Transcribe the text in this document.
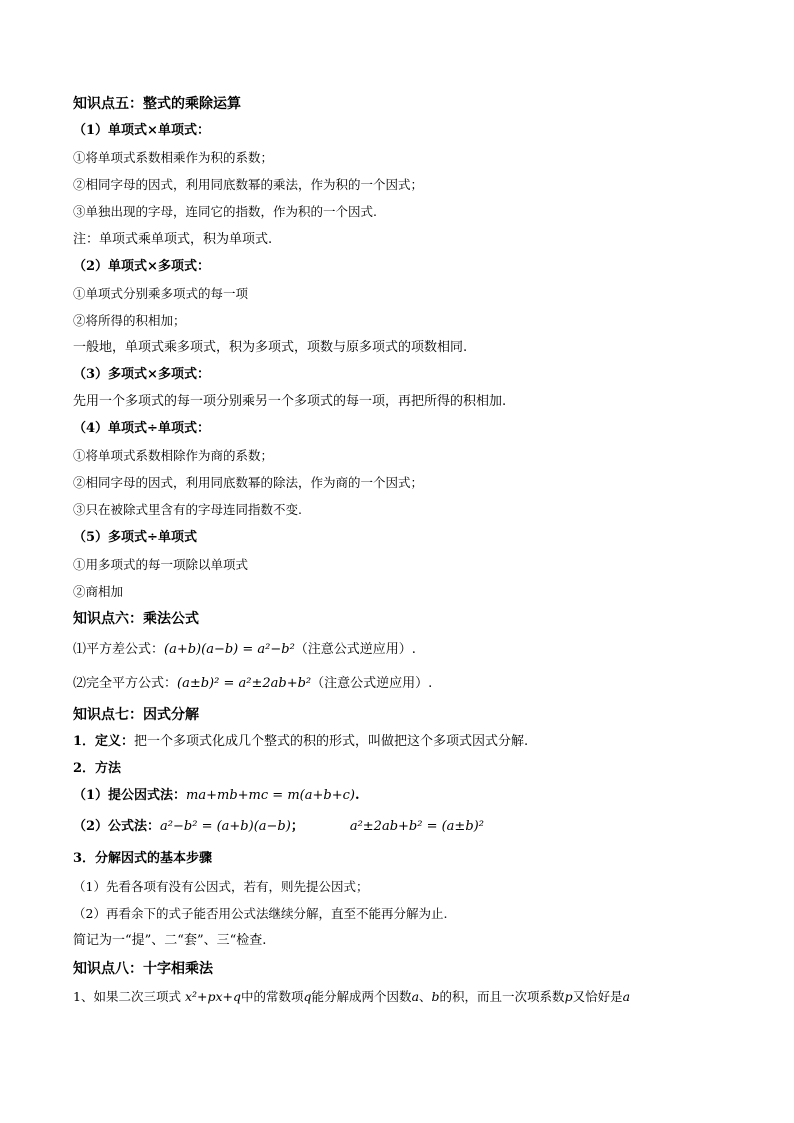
知识点五：整式的乘除运算
（1）单项式×单项式：
①将单项式系数相乘作为积的系数；
②相同字母的因式，利用同底数幂的乘法，作为积的一个因式；
③单独出现的字母，连同它的指数，作为积的一个因式.
注：单项式乘单项式，积为单项式.
（2）单项式×多项式：
①单项式分别乘多项式的每一项
②将所得的积相加；
一般地，单项式乘多项式，积为多项式，项数与原多项式的项数相同.
（3）多项式×多项式：
先用一个多项式的每一项分别乘另一个多项式的每一项，再把所得的积相加.
（4）单项式÷单项式：
①将单项式系数相除作为商的系数；
②相同字母的因式，利用同底数幂的除法，作为商的一个因式；
③只在被除式里含有的字母连同指数不变.
（5）多项式÷单项式
①用多项式的每一项除以单项式
②商相加
知识点六：乘法公式
⑴平方差公式：(a+b)(a−b) = a²−b²（注意公式逆应用）.
⑵完全平方公式：(a±b)² = a²±2ab+b²（注意公式逆应用）.
知识点七：因式分解
1．定义：把一个多项式化成几个整式的积的形式，叫做把这个多项式因式分解.
2．方法
（1）提公因式法：ma+mb+mc = m(a+b+c).
（2）公式法：a²−b² = (a+b)(a−b)；	a²±2ab+b² = (a±b)²
3．分解因式的基本步骤
（1）先看各项有没有公因式，若有，则先提公因式；
（2）再看余下的式子能否用公式法继续分解，直至不能再分解为止.
简记为一“提”、二“套”、三“检查.
知识点八：十字相乘法
1、如果二次三项式 x²+px+q中的常数项q能分解成两个因数a、b的积，而且一次项系数p又恰好是a
